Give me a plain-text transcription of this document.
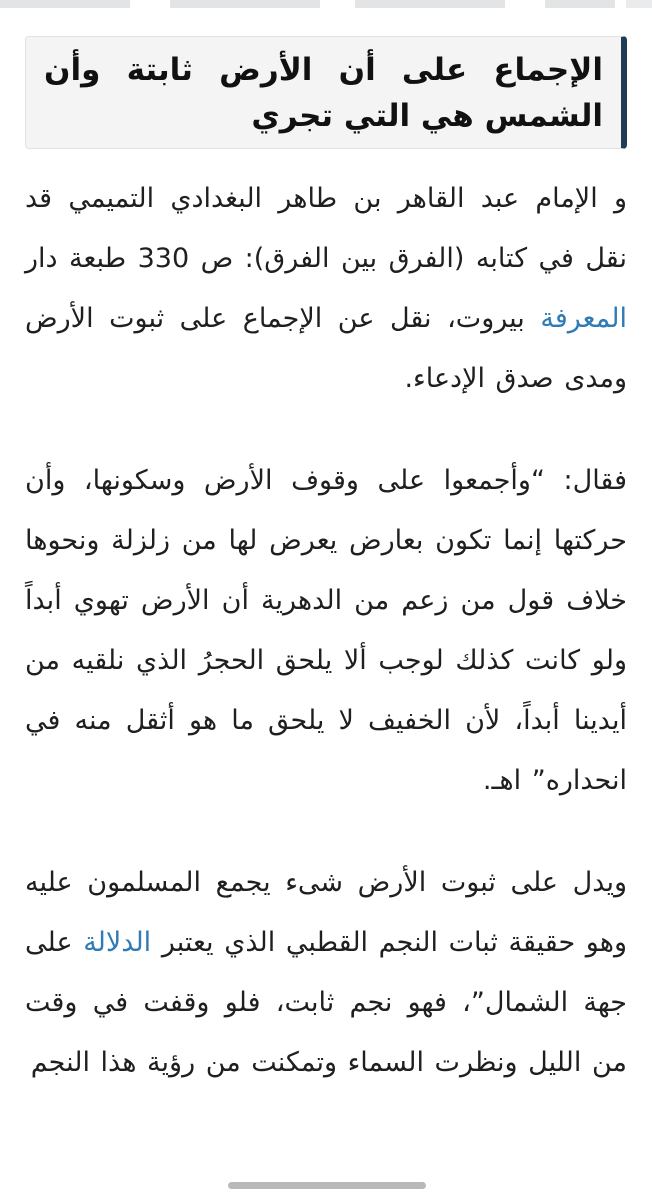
الإجماع على أن الأرض ثابتة وأن الشمس هي التي تجري

و الإمام عبد القاهر بن طاهر البغدادي التميمي قد نقل في كتابه (الفرق بين الفرق): ص 330 طبعة دار المعرفة بيروت، نقل عن الإجماع على ثبوت الأرض ومدى صدق الإدعاء.

فقال: “وأجمعوا على وقوف الأرض وسكونها، وأن حركتها إنما تكون بعارض يعرض لها من زلزلة ونحوها خلاف قول من زعم من الدهرية أن الأرض تهوي أبداً ولو كانت كذلك لوجب ألا يلحق الحجرُ الذي نلقيه من أيدينا أبداً، لأن الخفيف لا يلحق ما هو أثقل منه في انحداره” اهـ.

ويدل على ثبوت الأرض شىء يجمع المسلمون عليه وهو حقيقة ثبات النجم القطبي الذي يعتبر الدلالة على جهة الشمال”، فهو نجم ثابت، فلو وقفت في وقت من الليل ونظرت السماء وتمكنت من رؤية هذا النجم
